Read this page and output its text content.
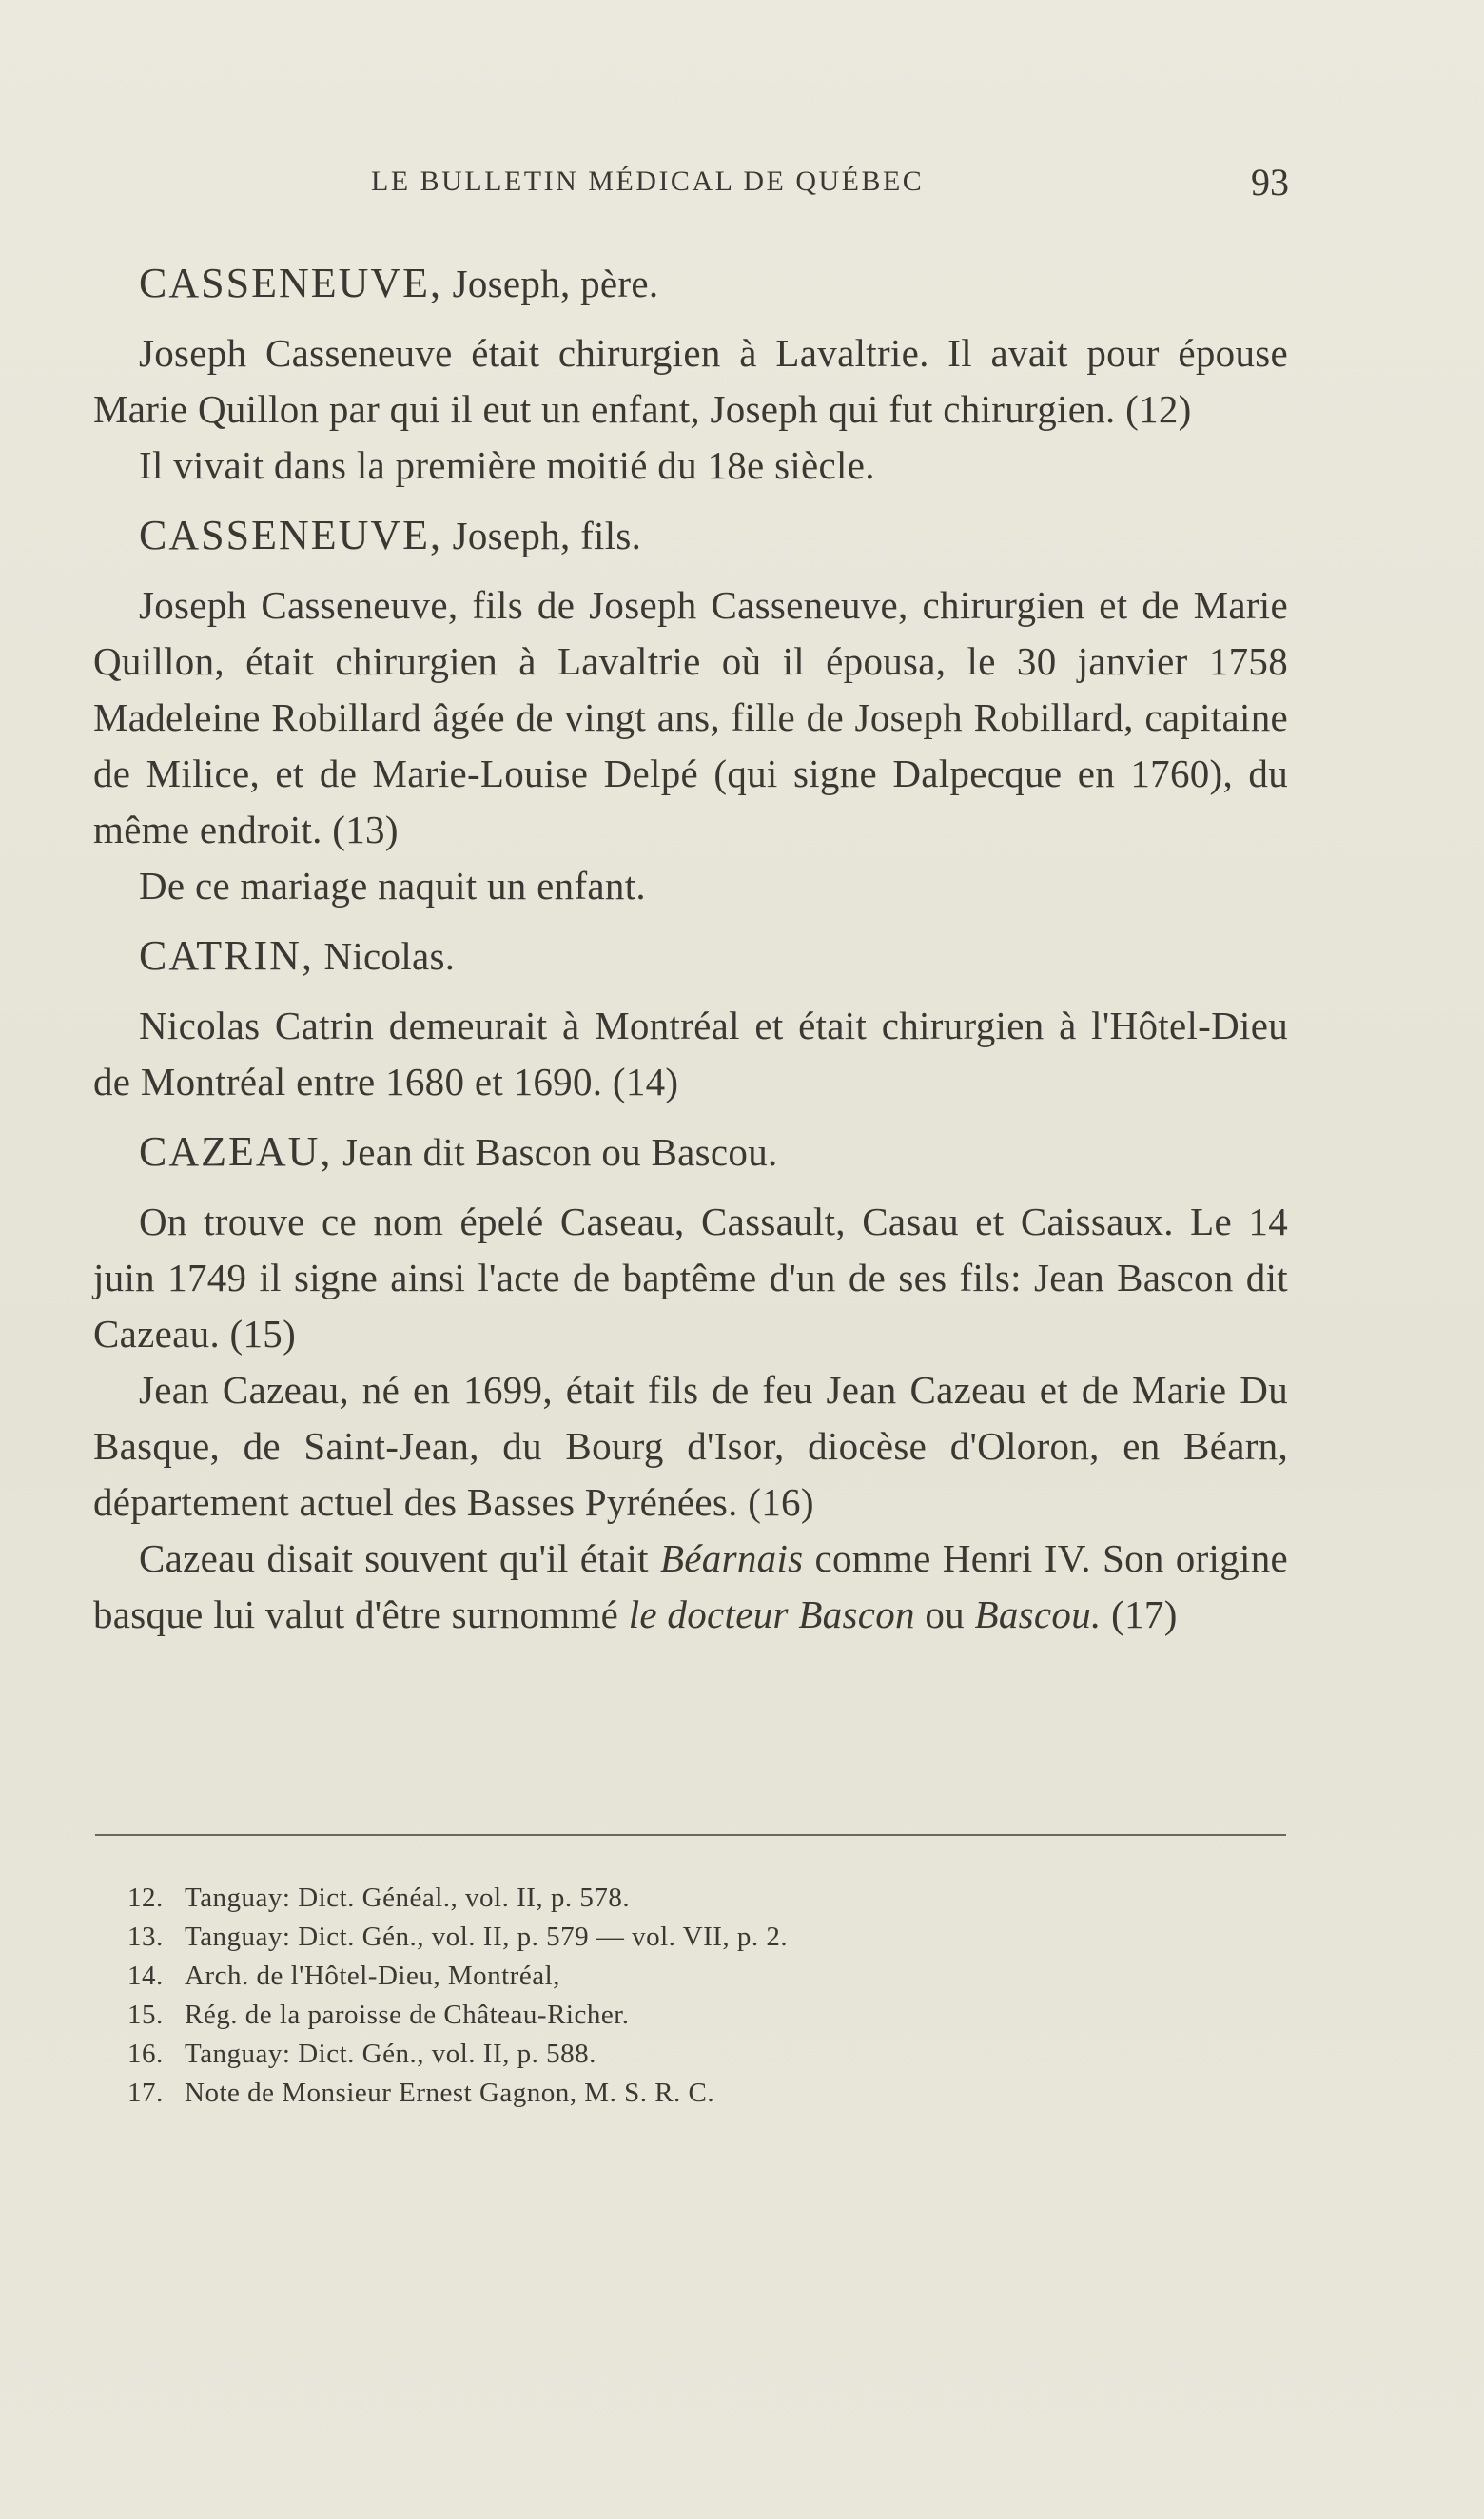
LE BULLETIN MÉDICAL DE QUÉBEC	93

CASSENEUVE, Joseph, père.

Joseph Casseneuve était chirurgien à Lavaltrie. Il avait pour épouse Marie Quillon par qui il eut un enfant, Joseph qui fut chirurgien. (12)

Il vivait dans la première moitié du 18e siècle.

CASSENEUVE, Joseph, fils.

Joseph Casseneuve, fils de Joseph Casseneuve, chirurgien et de Marie Quillon, était chirurgien à Lavaltrie où il épousa, le 30 janvier 1758 Madeleine Robillard âgée de vingt ans, fille de Joseph Robillard, capitaine de Milice, et de Marie-Louise Delpé (qui signe Dalpecque en 1760), du même endroit. (13)

De ce mariage naquit un enfant.

CATRIN, Nicolas.

Nicolas Catrin demeurait à Montréal et était chirurgien à l'Hôtel-Dieu de Montréal entre 1680 et 1690. (14)

CAZEAU, Jean dit Bascon ou Bascou.

On trouve ce nom épelé Caseau, Cassault, Casau et Caissaux. Le 14 juin 1749 il signe ainsi l'acte de baptême d'un de ses fils: Jean Bascon dit Cazeau. (15)

Jean Cazeau, né en 1699, était fils de feu Jean Cazeau et de Marie Du Basque, de Saint-Jean, du Bourg d'Isor, diocèse d'Oloron, en Béarn, département actuel des Basses Pyrénées. (16)

Cazeau disait souvent qu'il était Béarnais comme Henri IV. Son origine basque lui valut d'être surnommé le docteur Bascon ou Bascou. (17)

12. Tanguay: Dict. Généal., vol. II, p. 578.
13. Tanguay: Dict. Gén., vol. II, p. 579 — vol. VII, p. 2.
14. Arch. de l'Hôtel-Dieu, Montréal,
15. Rég. de la paroisse de Château-Richer.
16. Tanguay: Dict. Gén., vol. II, p. 588.
17. Note de Monsieur Ernest Gagnon, M. S. R. C.
